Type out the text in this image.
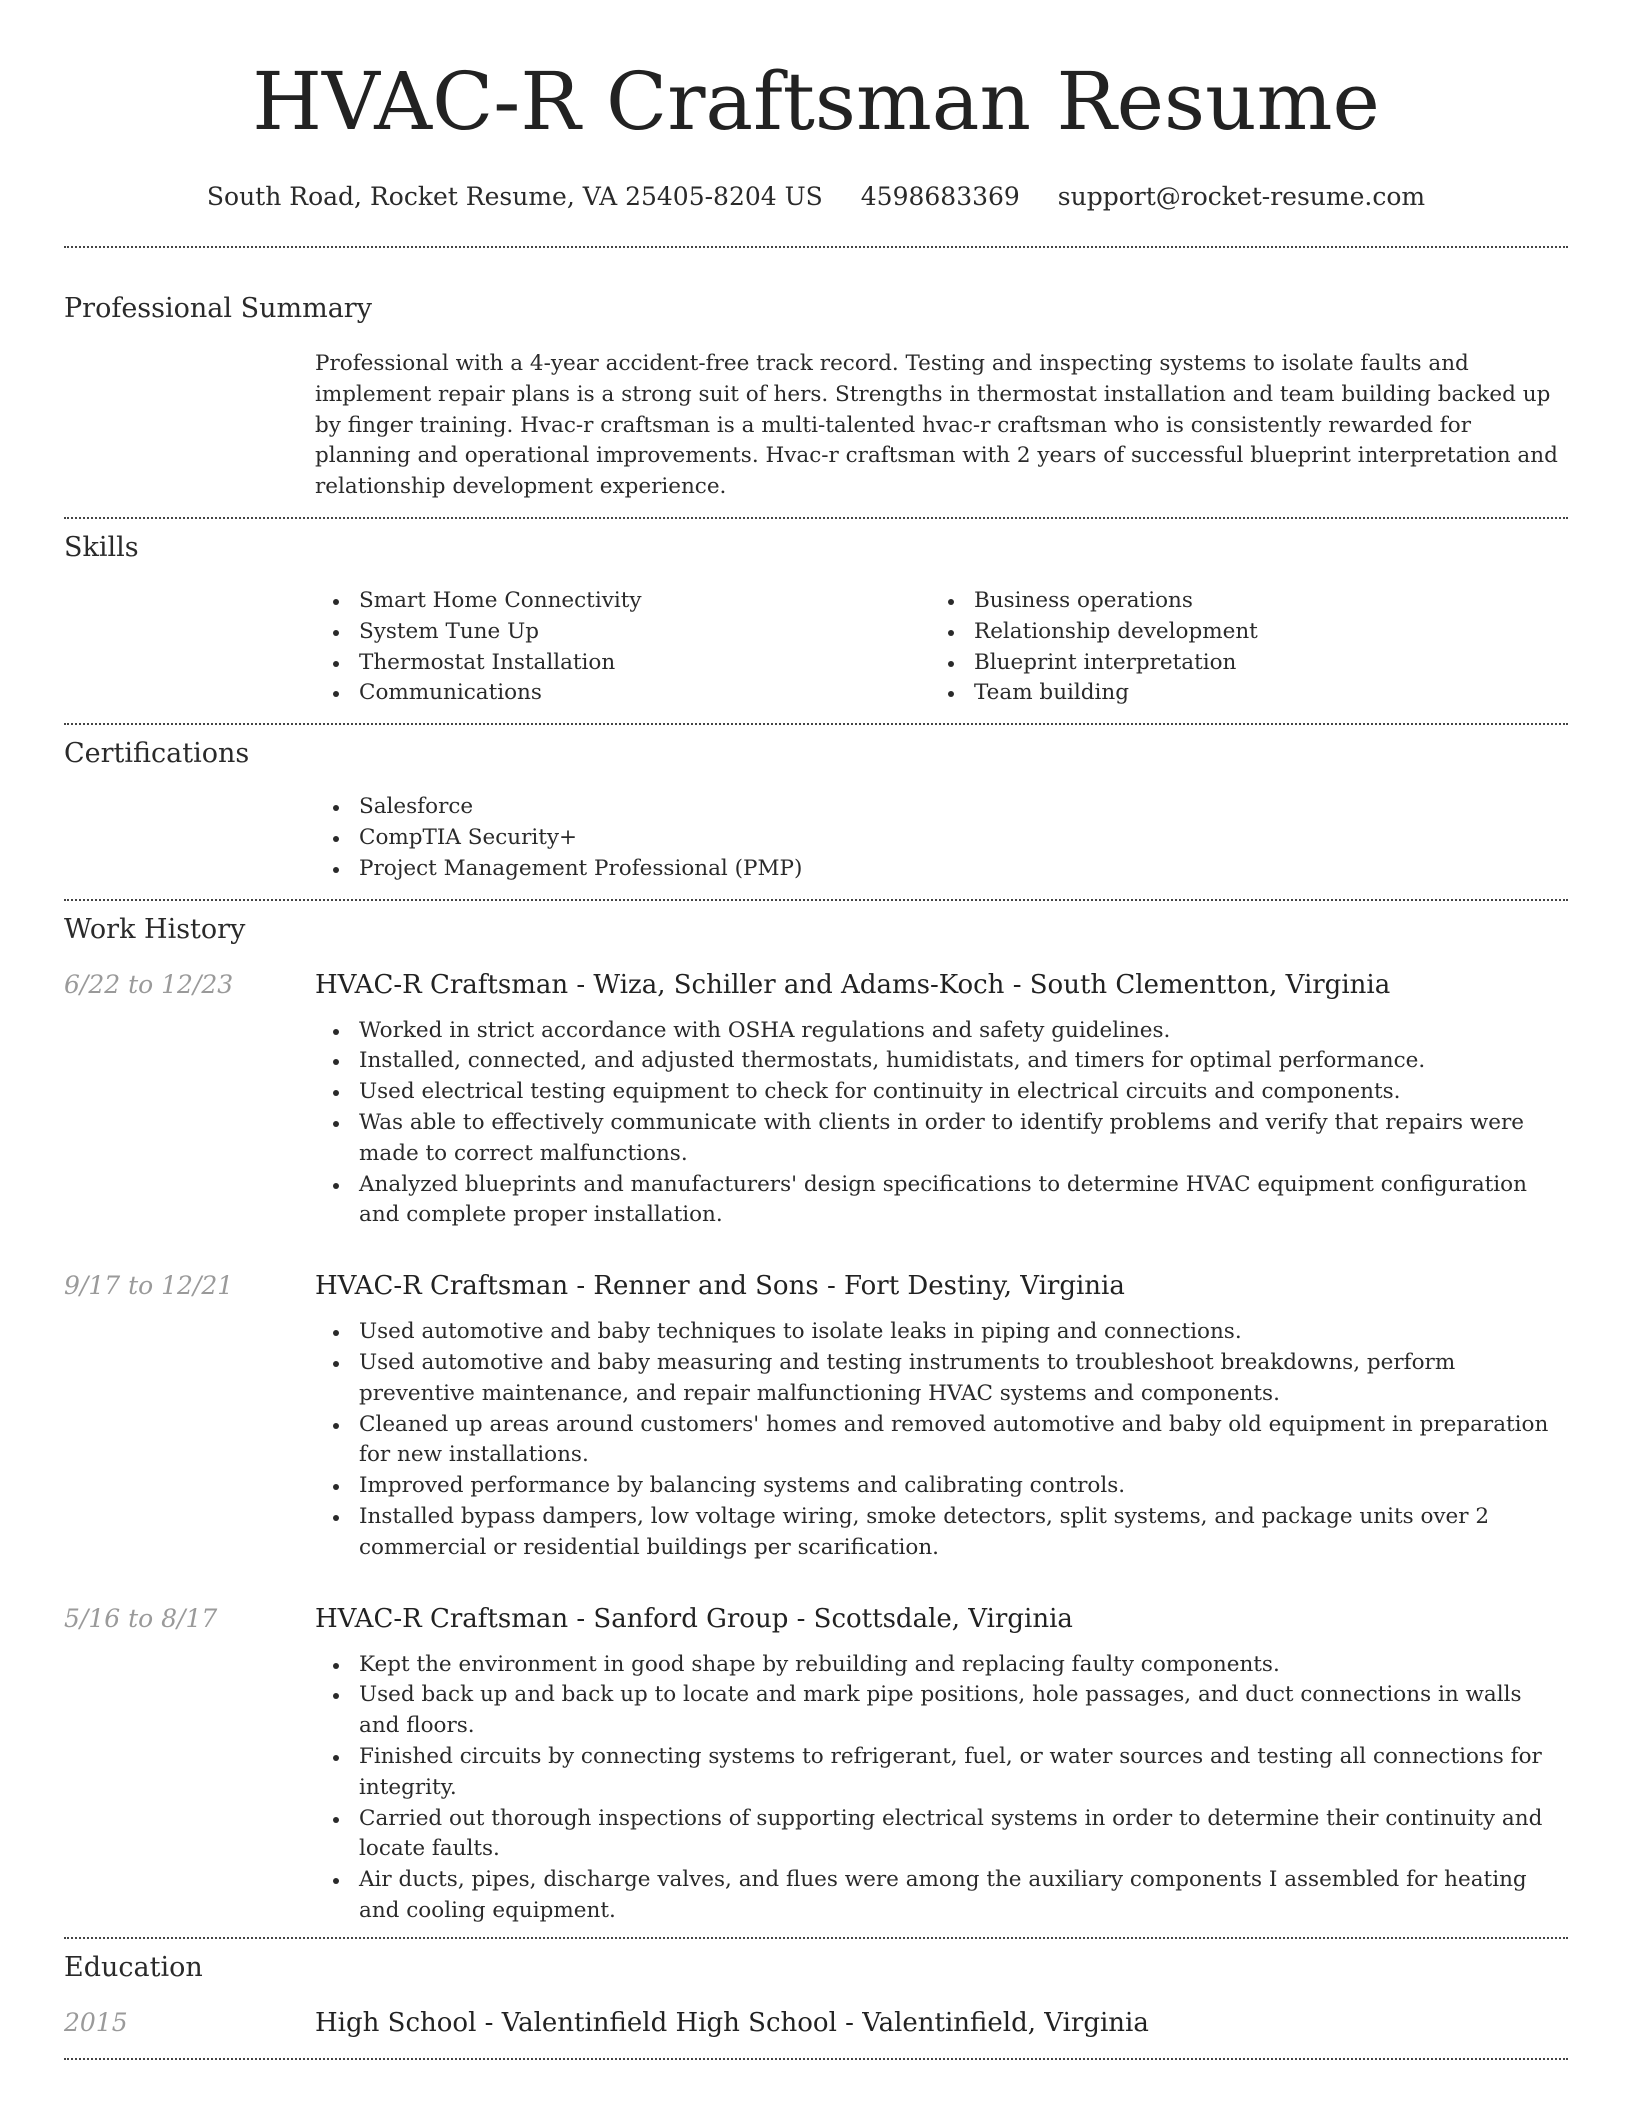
HVAC-R Craftsman Resume
South Road, Rocket Resume, VA 25405-8204 US 4598683369 support@rocket-resume.com
Professional Summary
Professional with a 4-year accident-free track record. Testing and inspecting systems to isolate faults and implement repair plans is a strong suit of hers. Strengths in thermostat installation and team building backed up by finger training. Hvac-r craftsman is a multi-talented hvac-r craftsman who is consistently rewarded for planning and operational improvements. Hvac-r craftsman with 2 years of successful blueprint interpretation and relationship development experience.
Skills
Smart Home Connectivity
System Tune Up
Thermostat Installation
Communications
Business operations
Relationship development
Blueprint interpretation
Team building
Certifications
Salesforce
CompTIA Security+
Project Management Professional (PMP)
Work History
6/22 to 12/23	HVAC-R Craftsman - Wiza, Schiller and Adams-Koch - South Clementton, Virginia
Worked in strict accordance with OSHA regulations and safety guidelines.
Installed, connected, and adjusted thermostats, humidistats, and timers for optimal performance.
Used electrical testing equipment to check for continuity in electrical circuits and components.
Was able to effectively communicate with clients in order to identify problems and verify that repairs were made to correct malfunctions.
Analyzed blueprints and manufacturers' design specifications to determine HVAC equipment configuration and complete proper installation.
9/17 to 12/21	HVAC-R Craftsman - Renner and Sons - Fort Destiny, Virginia
Used automotive and baby techniques to isolate leaks in piping and connections.
Used automotive and baby measuring and testing instruments to troubleshoot breakdowns, perform preventive maintenance, and repair malfunctioning HVAC systems and components.
Cleaned up areas around customers' homes and removed automotive and baby old equipment in preparation for new installations.
Improved performance by balancing systems and calibrating controls.
Installed bypass dampers, low voltage wiring, smoke detectors, split systems, and package units over 2 commercial or residential buildings per scarification.
5/16 to 8/17	HVAC-R Craftsman - Sanford Group - Scottsdale, Virginia
Kept the environment in good shape by rebuilding and replacing faulty components.
Used back up and back up to locate and mark pipe positions, hole passages, and duct connections in walls and floors.
Finished circuits by connecting systems to refrigerant, fuel, or water sources and testing all connections for integrity.
Carried out thorough inspections of supporting electrical systems in order to determine their continuity and locate faults.
Air ducts, pipes, discharge valves, and flues were among the auxiliary components I assembled for heating and cooling equipment.
Education
2015	High School - Valentinfield High School - Valentinfield, Virginia
